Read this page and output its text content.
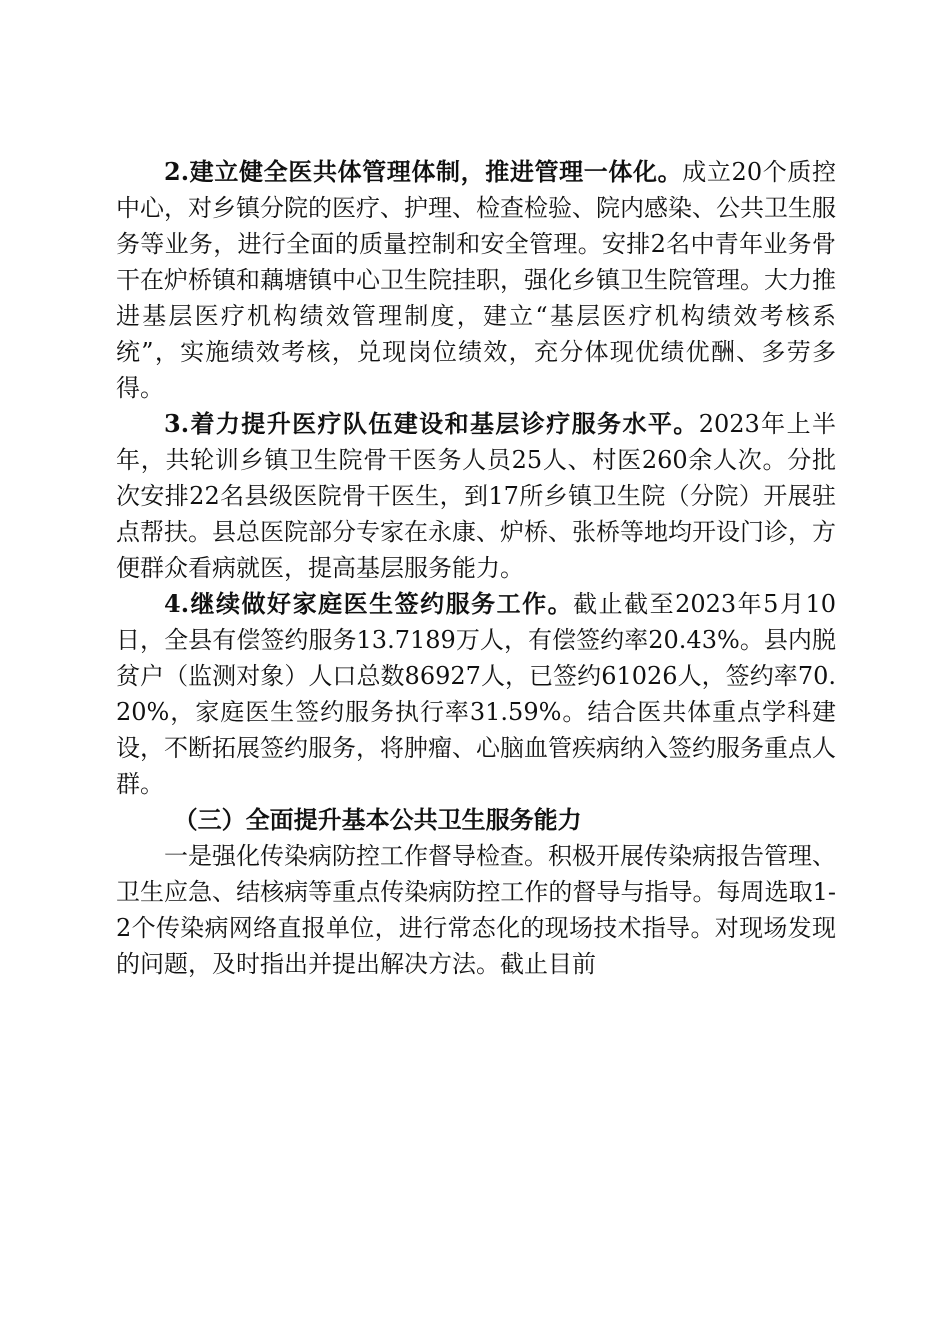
2.建立健全医共体管理体制，推进管理一体化。成立20个质控中心，对乡镇分院的医疗、护理、检查检验、院内感染、公共卫生服务等业务，进行全面的质量控制和安全管理。安排2名中青年业务骨干在炉桥镇和藕塘镇中心卫生院挂职，强化乡镇卫生院管理。大力推进基层医疗机构绩效管理制度，建立“基层医疗机构绩效考核系统”，实施绩效考核，兑现岗位绩效，充分体现优绩优酬、多劳多得。

3.着力提升医疗队伍建设和基层诊疗服务水平。2023年上半年，共轮训乡镇卫生院骨干医务人员25人、村医260余人次。分批次安排22名县级医院骨干医生，到17所乡镇卫生院（分院）开展驻点帮扶。县总医院部分专家在永康、炉桥、张桥等地均开设门诊，方便群众看病就医，提高基层服务能力。

4.继续做好家庭医生签约服务工作。截止截至2023年5月10日，全县有偿签约服务13.7189万人，有偿签约率20.43%。县内脱贫户（监测对象）人口总数86927人，已签约61026人，签约率70.20%，家庭医生签约服务执行率31.59%。结合医共体重点学科建设，不断拓展签约服务，将肿瘤、心脑血管疾病纳入签约服务重点人群。

（三）全面提升基本公共卫生服务能力

一是强化传染病防控工作督导检查。积极开展传染病报告管理、卫生应急、结核病等重点传染病防控工作的督导与指导。每周选取1-2个传染病网络直报单位，进行常态化的现场技术指导。对现场发现的问题，及时指出并提出解决方法。截止目前
